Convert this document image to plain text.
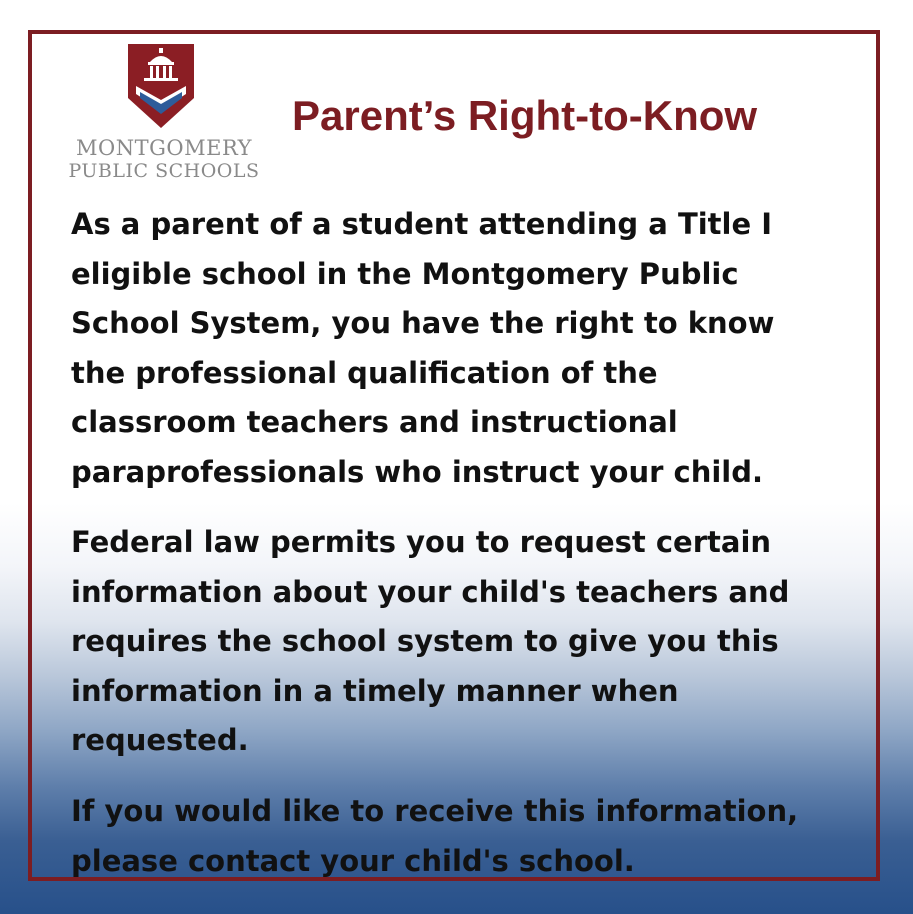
MONTGOMERY
PUBLIC SCHOOLS
Parent’s Right-to-Know

As a parent of a student attending a Title I eligible school in the Montgomery Public School System, you have the right to know the professional qualification of the classroom teachers and instructional paraprofessionals who instruct your child.

Federal law permits you to request certain information about your child's teachers and requires the school system to give you this information in a timely manner when requested.

If you would like to receive this information, please contact your child's school.
